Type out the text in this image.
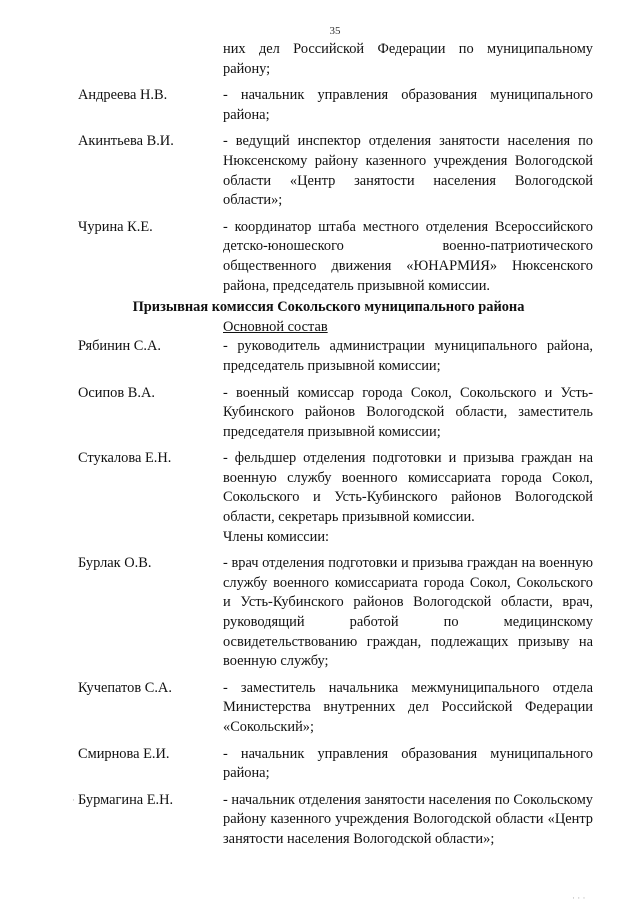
35
них дел Российской Федерации по муниципальному району;
Андреева Н.В.	- начальник управления образования муниципального района;
Акинтьева В.И.	- ведущий инспектор отделения занятости населения по Нюксенскому району казенного учреждения Вологодской области «Центр занятости населения Вологодской области»;
Чурина К.Е.	- координатор штаба местного отделения Всероссийского детско-юношеского военно-патриотического общественного движения «ЮНАРМИЯ» Нюксенского района, председатель призывной комиссии.
Призывная комиссия Сокольского муниципального района
Основной состав
Рябинин С.А.	- руководитель администрации муниципального района, председатель призывной комиссии;
Осипов В.А.	- военный комиссар города Сокол, Сокольского и Усть-Кубинского районов Вологодской области, заместитель председателя призывной комиссии;
Стукалова Е.Н.	- фельдшер отделения подготовки и призыва граждан на военную службу военного комиссариата города Сокол, Сокольского и Усть-Кубинского районов Вологодской области, секретарь призывной комиссии.
Члены комиссии:
Бурлак О.В.	- врач отделения подготовки и призыва граждан на военную службу военного комиссариата города Сокол, Сокольского и Усть-Кубинского районов Вологодской области, врач, руководящий работой по медицинскому освидетельствованию граждан, подлежащих призыву на военную службу;
Кучепатов С.А.	- заместитель начальника межмуниципального отдела Министерства внутренних дел Российской Федерации «Сокольский»;
Смирнова Е.И.	- начальник управления образования муниципального района;
Бурмагина Е.Н.	- начальник отделения занятости населения по Сокольскому району казенного учреждения Вологодской области «Центр занятости населения Вологодской области»;
·
· · ·
